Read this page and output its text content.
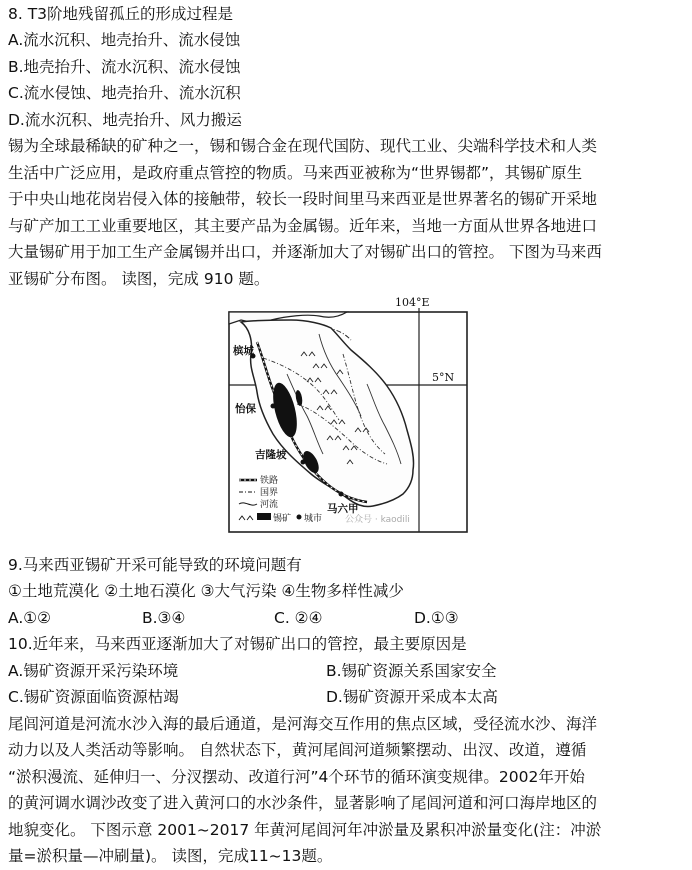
8. T3阶地残留孤丘的形成过程是
A.流水沉积、地壳抬升、流水侵蚀
B.地壳抬升、流水沉积、流水侵蚀
C.流水侵蚀、地壳抬升、流水沉积
D.流水沉积、地壳抬升、风力搬运
锡为全球最稀缺的矿种之一，锡和锡合金在现代国防、现代工业、尖端科学技术和人类
生活中广泛应用，是政府重点管控的物质。马来西亚被称为“世界锡都”，其锡矿原生
于中央山地花岗岩侵入体的接触带，较长一段时间里马来西亚是世界著名的锡矿开采地
与矿产加工工业重要地区，其主要产品为金属锡。近年来，当地一方面从世界各地进口
大量锡矿用于加工生产金属锡并出口，并逐渐加大了对锡矿出口的管控。 下图为马来西
亚锡矿分布图。 读图，完成 910 题。
104°E
5°N
槟城
怡保
吉隆坡
马六甲
铁路
国界
河流
锡矿 城市	公众号 · kaodili
9.马来西亚锡矿开采可能导致的环境问题有
①土地荒漠化 ②土地石漠化 ③大气污染 ④生物多样性减少
A.①②	B.③④	C. ②④	D.①③
10.近年来，马来西亚逐渐加大了对锡矿出口的管控，最主要原因是
A.锡矿资源开采污染环境	B.锡矿资源关系国家安全
C.锡矿资源面临资源枯竭	D.锡矿资源开采成本太高
尾闾河道是河流水沙入海的最后通道，是河海交互作用的焦点区域，受径流水沙、海洋
动力以及人类活动等影响。 自然状态下，黄河尾闾河道频繁摆动、出汊、改道，遵循
“淤积漫流、延伸归一、分汊摆动、改道行河”4个环节的循环演变规律。2002年开始
的黄河调水调沙改变了进入黄河口的水沙条件，显著影响了尾闾河道和河口海岸地区的
地貌变化。 下图示意 2001~2017 年黄河尾闾河年冲淤量及累积冲淤量变化(注：冲淤
量=淤积量—冲刷量)。 读图，完成11~13题。
